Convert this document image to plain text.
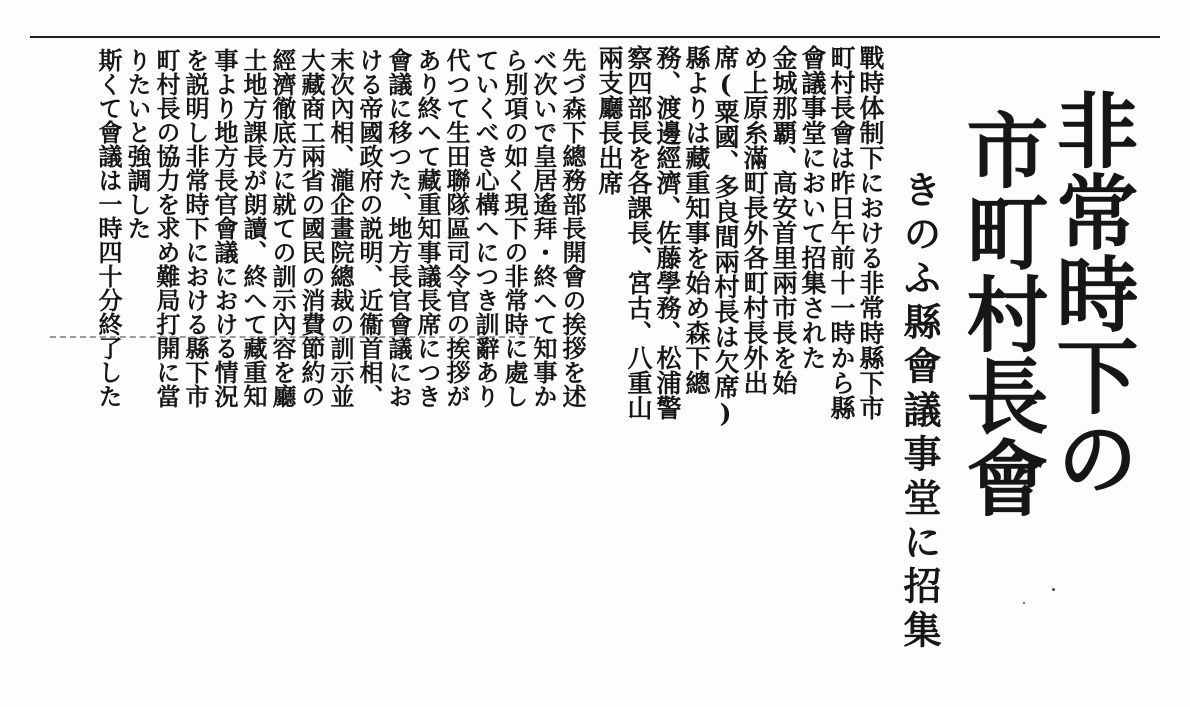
非常時下の
市町村長會
きのふ縣會議事堂に招集
戰時体制下における非常時縣下市
町村長會は昨日午前十一時から縣
會議事堂において招集された
金城那覇、高安首里兩市長を始
め上原糸滿町長外各町村長外出
席(粟國、多良間兩村長は欠席)
縣よりは藏重知事を始め森下總
務、渡邊經濟、佐藤學務、松浦警
察四部長を各課長、宮古、八重山
兩支廳長出席
先づ森下總務部長開會の挨拶を述
べ次いで皇居遙拜・終へて知事か
ら別項の如く現下の非常時に處し
ていくべき心構へにつき訓辭あり
代つて生田聯隊區司令官の挨拶が
あり終へて藏重知事議長席につき
會議に移つた、地方長官會議にお
ける帝國政府の説明、近衞首相、
末次內相、瀧企畫院總裁の訓示並
大藏商工兩省の國民の消費節約の
經濟徹底方に就ての訓示內容を廳
土地方課長が朗讀、終へて藏重知
事より地方長官會議における情況
を説明し非常時下における縣下市
町村長の協力を求め難局打開に當
りたいと強調した
斯くて會議は一時四十分終了した
